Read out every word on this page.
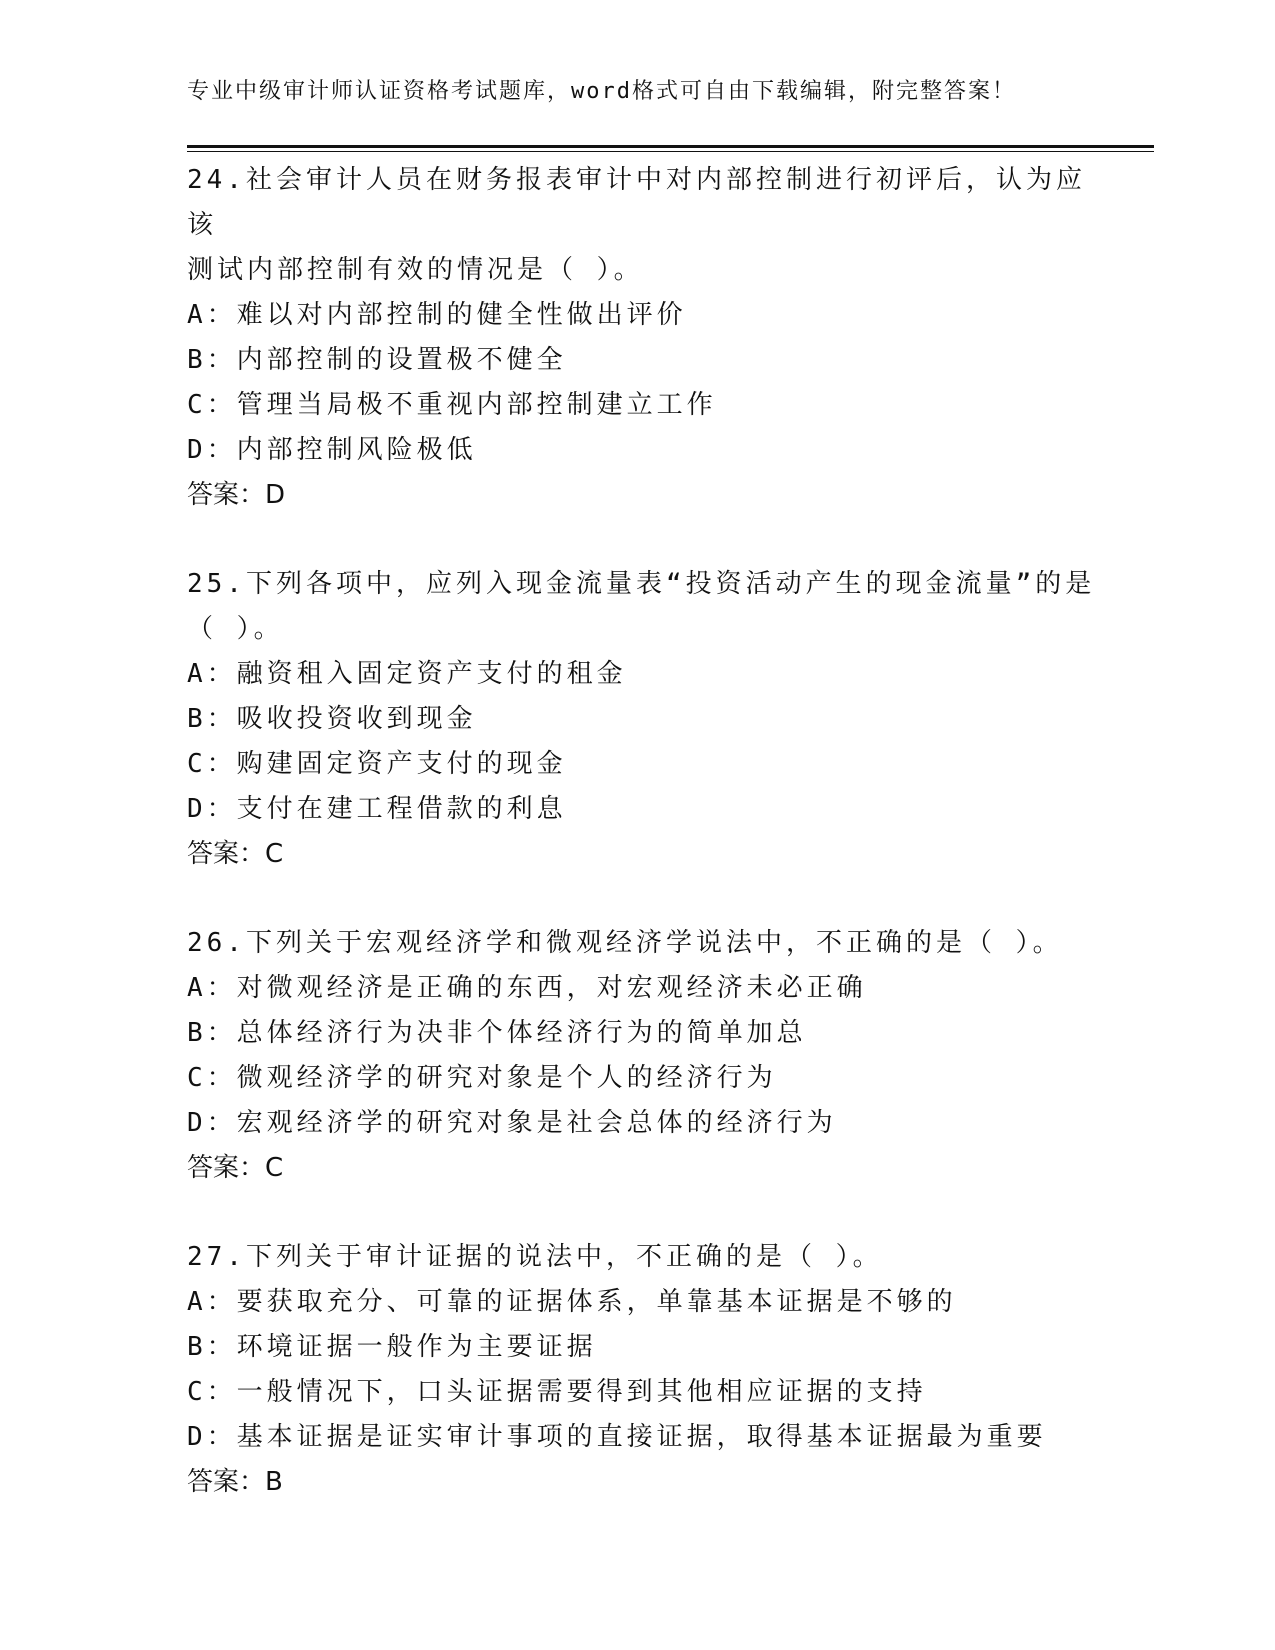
专业中级审计师认证资格考试题库，word格式可自由下载编辑，附完整答案！

24.社会审计人员在财务报表审计中对内部控制进行初评后，认为应该

测试内部控制有效的情况是（ ）。

A：难以对内部控制的健全性做出评价

B：内部控制的设置极不健全

C：管理当局极不重视内部控制建立工作

D：内部控制风险极低

答案：D

25.下列各项中，应列入现金流量表“投资活动产生的现金流量”的是

（ ）。

A：融资租入固定资产支付的租金

B：吸收投资收到现金

C：购建固定资产支付的现金

D：支付在建工程借款的利息

答案：C

26.下列关于宏观经济学和微观经济学说法中，不正确的是（ ）。

A：对微观经济是正确的东西，对宏观经济未必正确

B：总体经济行为决非个体经济行为的简单加总

C：微观经济学的研究对象是个人的经济行为

D：宏观经济学的研究对象是社会总体的经济行为

答案：C

27.下列关于审计证据的说法中，不正确的是（ ）。

A：要获取充分、可靠的证据体系，单靠基本证据是不够的

B：环境证据一般作为主要证据

C：一般情况下，口头证据需要得到其他相应证据的支持

D：基本证据是证实审计事项的直接证据，取得基本证据最为重要

答案：B
